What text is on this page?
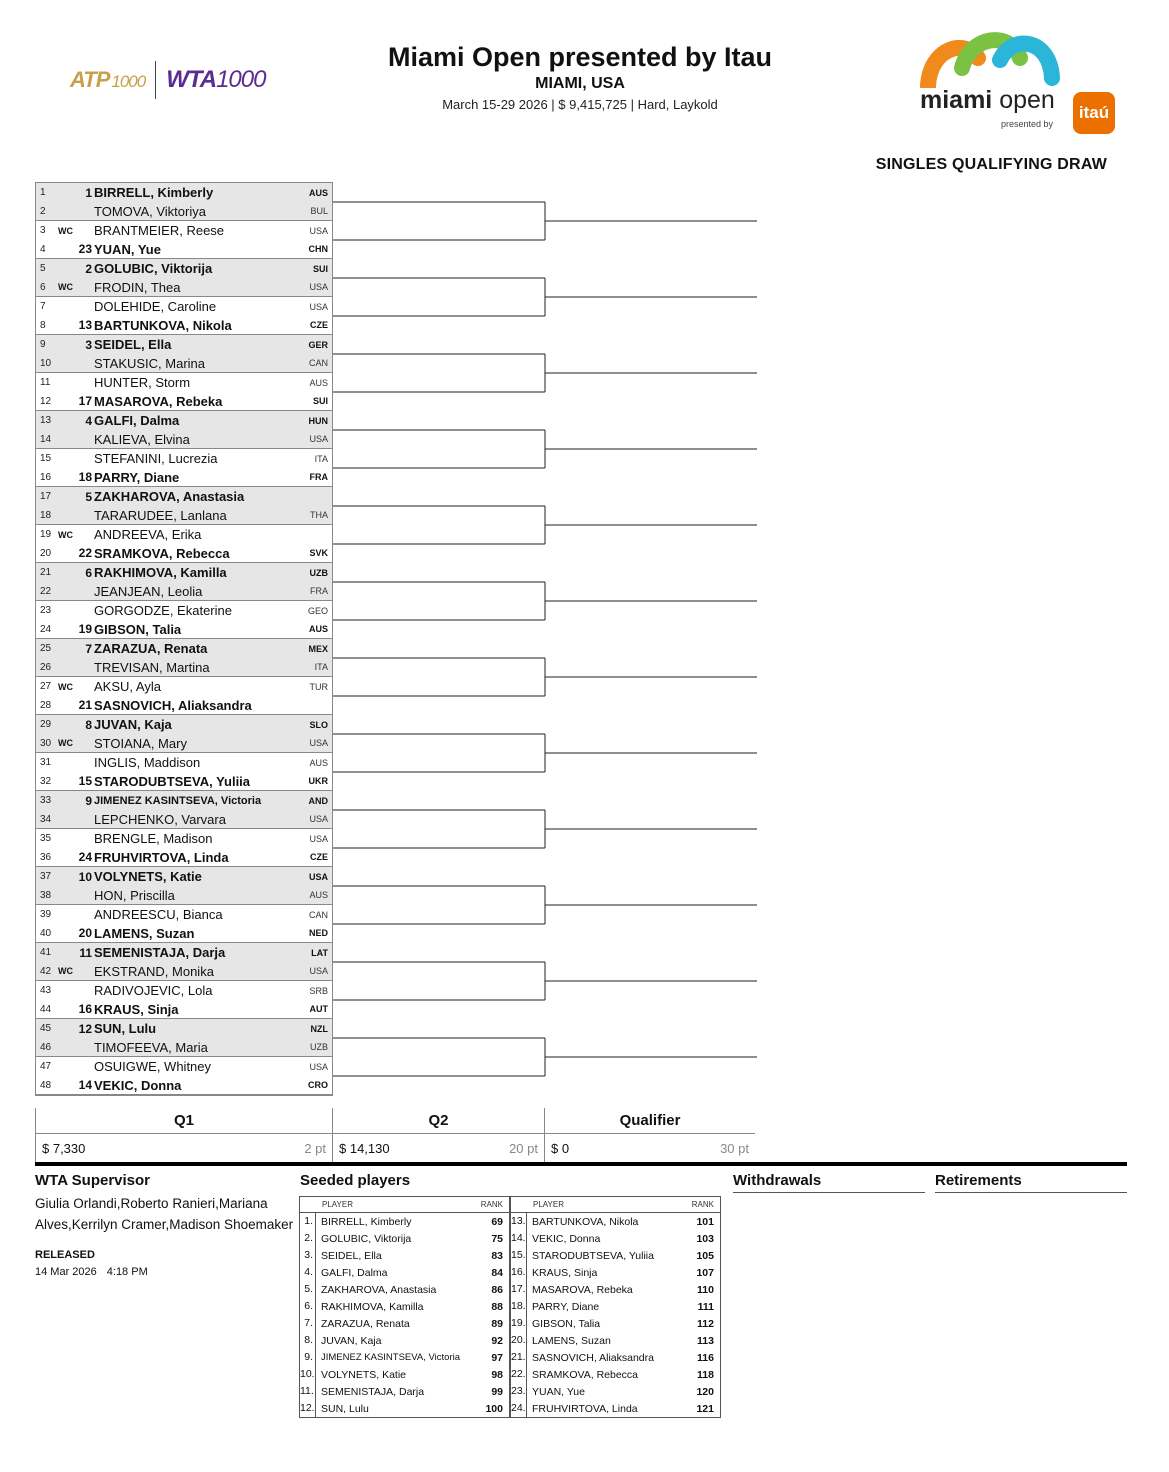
ATP 1000 WTA1000
Miami Open presented by Itau
MIAMI, USA
March 15-29 2026 | $ 9,415,725 | Hard, Laykold	miami open
presented by
itaú
SINGLES QUALIFYING DRAW
1	1 BIRRELL, Kimberly	AUS
2	TOMOVA, Viktoriya	BUL
3	WC BRANTMEIER, Reese	USA
4	23 YUAN, Yue	CHN
5	2 GOLUBIC, Viktorija	SUI
6	WC FRODIN, Thea	USA
7	DOLEHIDE, Caroline	USA
8	13 BARTUNKOVA, Nikola	CZE
9	3 SEIDEL, Ella	GER
10	STAKUSIC, Marina	CAN
11	HUNTER, Storm	AUS
12	17 MASAROVA, Rebeka	SUI
13	4 GALFI, Dalma	HUN
14	KALIEVA, Elvina	USA
15	STEFANINI, Lucrezia	ITA
16	18 PARRY, Diane	FRA
17	5 ZAKHAROVA, Anastasia
18	TARARUDEE, Lanlana	THA
19 WC ANDREEVA, Erika
20	22 SRAMKOVA, Rebecca	SVK
21	6 RAKHIMOVA, Kamilla	UZB
22	JEANJEAN, Leolia	FRA
23	GORGODZE, Ekaterine	GEO
24	19 GIBSON, Talia	AUS
25	7 ZARAZUA, Renata	MEX
26	TREVISAN, Martina	ITA
27 WC AKSU, Ayla	TUR
28	21 SASNOVICH, Aliaksandra
29	8 JUVAN, Kaja	SLO
30 WC STOIANA, Mary	USA
31	INGLIS, Maddison	AUS
32	15 STARODUBTSEVA, Yuliia	UKR
33	9 JIMENEZ KASINTSEVA, Victoria	AND
34	LEPCHENKO, Varvara	USA
35	BRENGLE, Madison	USA
36	24 FRUHVIRTOVA, Linda	CZE
37	10 VOLYNETS, Katie	USA
38	HON, Priscilla	AUS
39	ANDREESCU, Bianca	CAN
40	20 LAMENS, Suzan	NED
41	11 SEMENISTAJA, Darja	LAT
42 WC EKSTRAND, Monika	USA
43	RADIVOJEVIC, Lola	SRB
44	16 KRAUS, Sinja	AUT
45	12 SUN, Lulu	NZL
46	TIMOFEEVA, Maria	UZB
47	OSUIGWE, Whitney	USA
48	14 VEKIC, Donna	CRO
Q1
$ 7,330	2 pt
Q2
$ 14,130	20 pt
Qualifier
$ 0	30 pt
WTA Supervisor
Giulia Orlandi,Roberto Ranieri,Mariana Alves,Kerrilyn Cramer,Madison Shoemaker
RELEASED
14 Mar 2026 4:18 PM
Seeded players	Withdrawals	Retirements
PLAYER	RANK
1. BIRRELL, Kimberly	69
2. GOLUBIC, Viktorija	75
3. SEIDEL, Ella	83
4. GALFI, Dalma	84
5. ZAKHAROVA, Anastasia	86
6. RAKHIMOVA, Kamilla	88
7. ZARAZUA, Renata	89
8. JUVAN, Kaja	92
9. JIMENEZ KASINTSEVA, Victoria	97
10. VOLYNETS, Katie	98
11. SEMENISTAJA, Darja	99
12. SUN, Lulu	100
PLAYER	RANK
13. BARTUNKOVA, Nikola	101
14. VEKIC, Donna	103
15. STARODUBTSEVA, Yuliia	105
16. KRAUS, Sinja	107
17. MASAROVA, Rebeka	110
18. PARRY, Diane	111
19. GIBSON, Talia	112
20. LAMENS, Suzan	113
21. SASNOVICH, Aliaksandra	116
22. SRAMKOVA, Rebecca	118
23. YUAN, Yue	120
24. FRUHVIRTOVA, Linda	121
